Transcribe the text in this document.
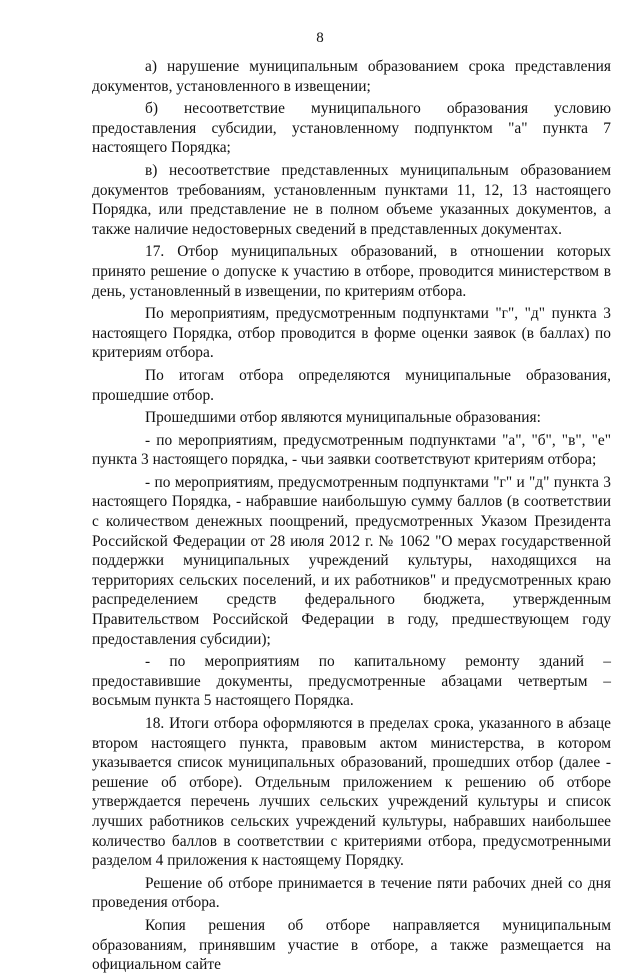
8

а) нарушение муниципальным образованием срока представления документов, установленного в извещении;

б) несоответствие муниципального образования условию предоставления субсидии, установленному подпунктом "а" пункта 7 настоящего Порядка;

в) несоответствие представленных муниципальным образованием документов требованиям, установленным пунктами 11, 12, 13 настоящего Порядка, или представление не в полном объеме указанных документов, а также наличие недостоверных сведений в представленных документах.

17. Отбор муниципальных образований, в отношении которых принято решение о допуске к участию в отборе, проводится министерством в день, установленный в извещении, по критериям отбора.

По мероприятиям, предусмотренным подпунктами "г", "д" пункта 3 настоящего Порядка, отбор проводится в форме оценки заявок (в баллах) по критериям отбора.

По итогам отбора определяются муниципальные образования, прошедшие отбор.

Прошедшими отбор являются муниципальные образования:

- по мероприятиям, предусмотренным подпунктами "а", "б", "в", "е" пункта 3 настоящего порядка, - чьи заявки соответствуют критериям отбора;

- по мероприятиям, предусмотренным подпунктами "г" и "д" пункта 3 настоящего Порядка, - набравшие наибольшую сумму баллов (в соответствии с количеством денежных поощрений, предусмотренных Указом Президента Российской Федерации от 28 июля 2012 г. № 1062 "О мерах государственной поддержки муниципальных учреждений культуры, находящихся на территориях сельских поселений, и их работников" и предусмотренных краю распределением средств федерального бюджета, утвержденным Правительством Российской Федерации в году, предшествующем году предоставления субсидии);

- по мероприятиям по капитальному ремонту зданий – предоставившие документы, предусмотренные абзацами четвертым – восьмым пункта 5 настоящего Порядка.

18. Итоги отбора оформляются в пределах срока, указанного в абзаце втором настоящего пункта, правовым актом министерства, в котором указывается список муниципальных образований, прошедших отбор (далее - решение об отборе). Отдельным приложением к решению об отборе утверждается перечень лучших сельских учреждений культуры и список лучших работников сельских учреждений культуры, набравших наибольшее количество баллов в соответствии с критериями отбора, предусмотренными разделом 4 приложения к настоящему Порядку.

Решение об отборе принимается в течение пяти рабочих дней со дня проведения отбора.

Копия решения об отборе направляется муниципальным образованиям, принявшим участие в отборе, а также размещается на официальном сайте
